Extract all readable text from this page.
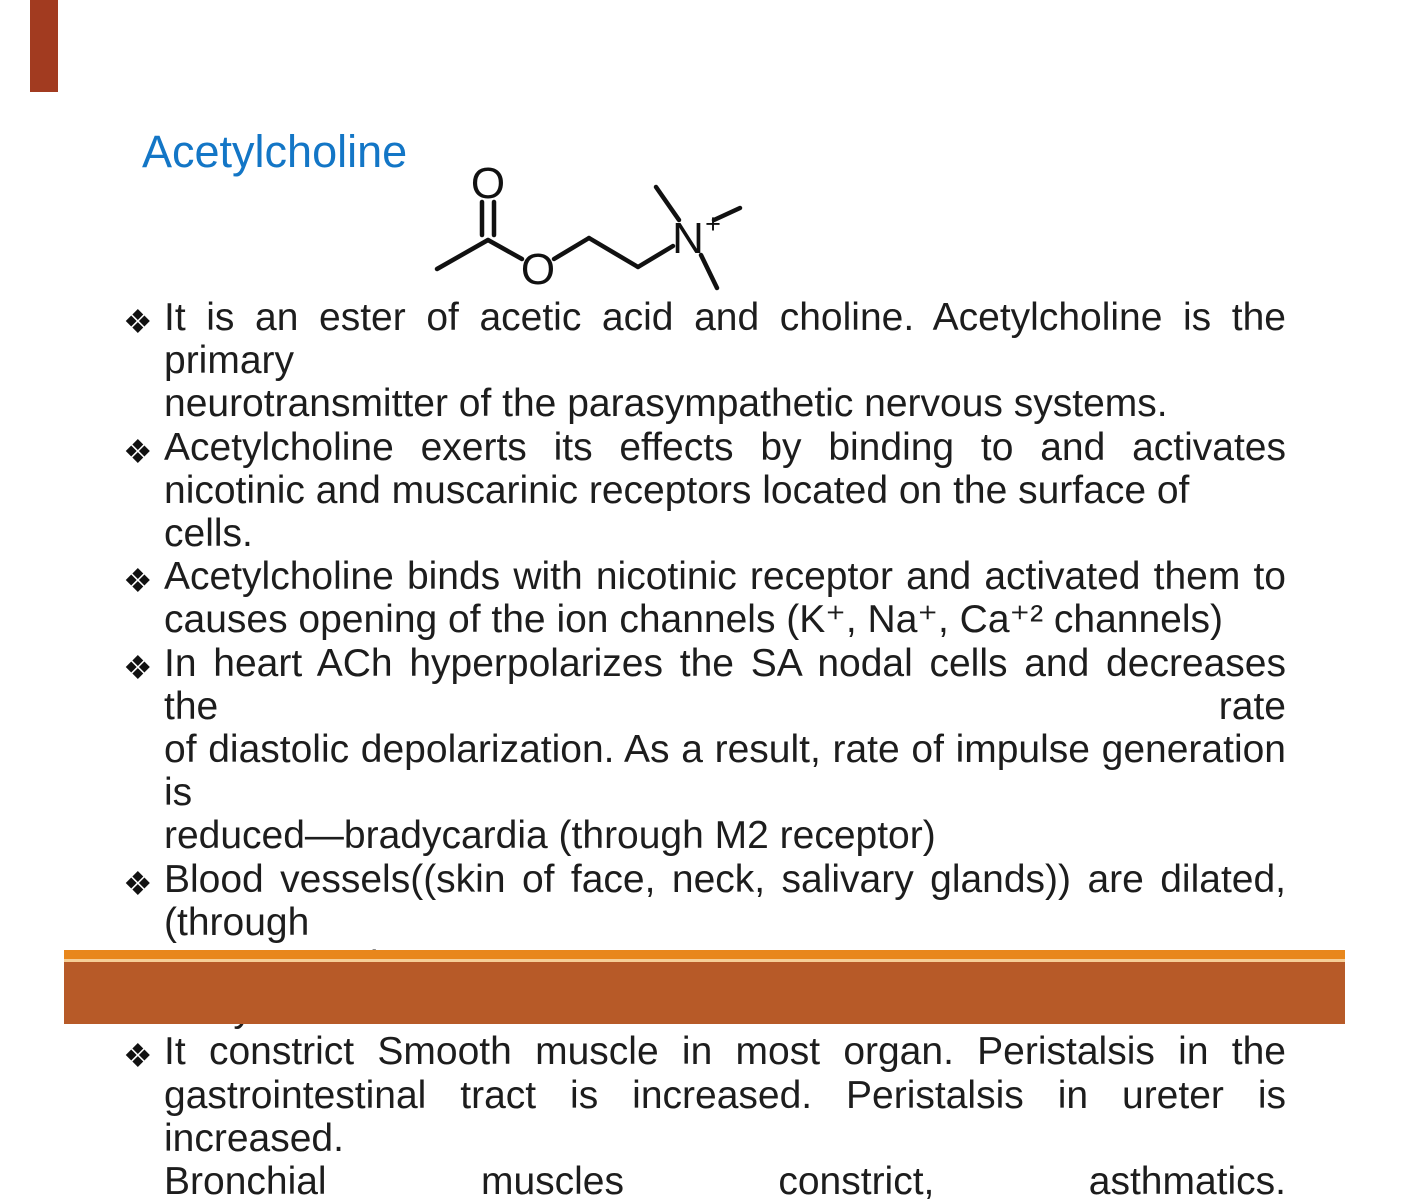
Acetylcholine
O
O
N +
❖ It is an ester of acetic acid and choline. Acetylcholine is the primary
neurotransmitter of the parasympathetic nervous systems.
❖ Acetylcholine exerts its effects by binding to and activates
nicotinic and muscarinic receptors located on the surface of cells.
❖ Acetylcholine binds with nicotinic receptor and activated them to
causes opening of the ion channels (K⁺, Na⁺, Ca⁺² channels)
❖ In heart ACh hyperpolarizes the SA nodal cells and decreases the rate
of diastolic depolarization. As a result, rate of impulse generation is
reduced—bradycardia (through M2 receptor)
❖ Blood vessels((skin of face, neck, salivary glands)) are dilated, (through
❖ It constrict Smooth muscle in most organ. Peristalsis in the
gastrointestinal tract is increased. Peristalsis in ureter is increased.
Bronchial muscles constrict, asthmatics.
